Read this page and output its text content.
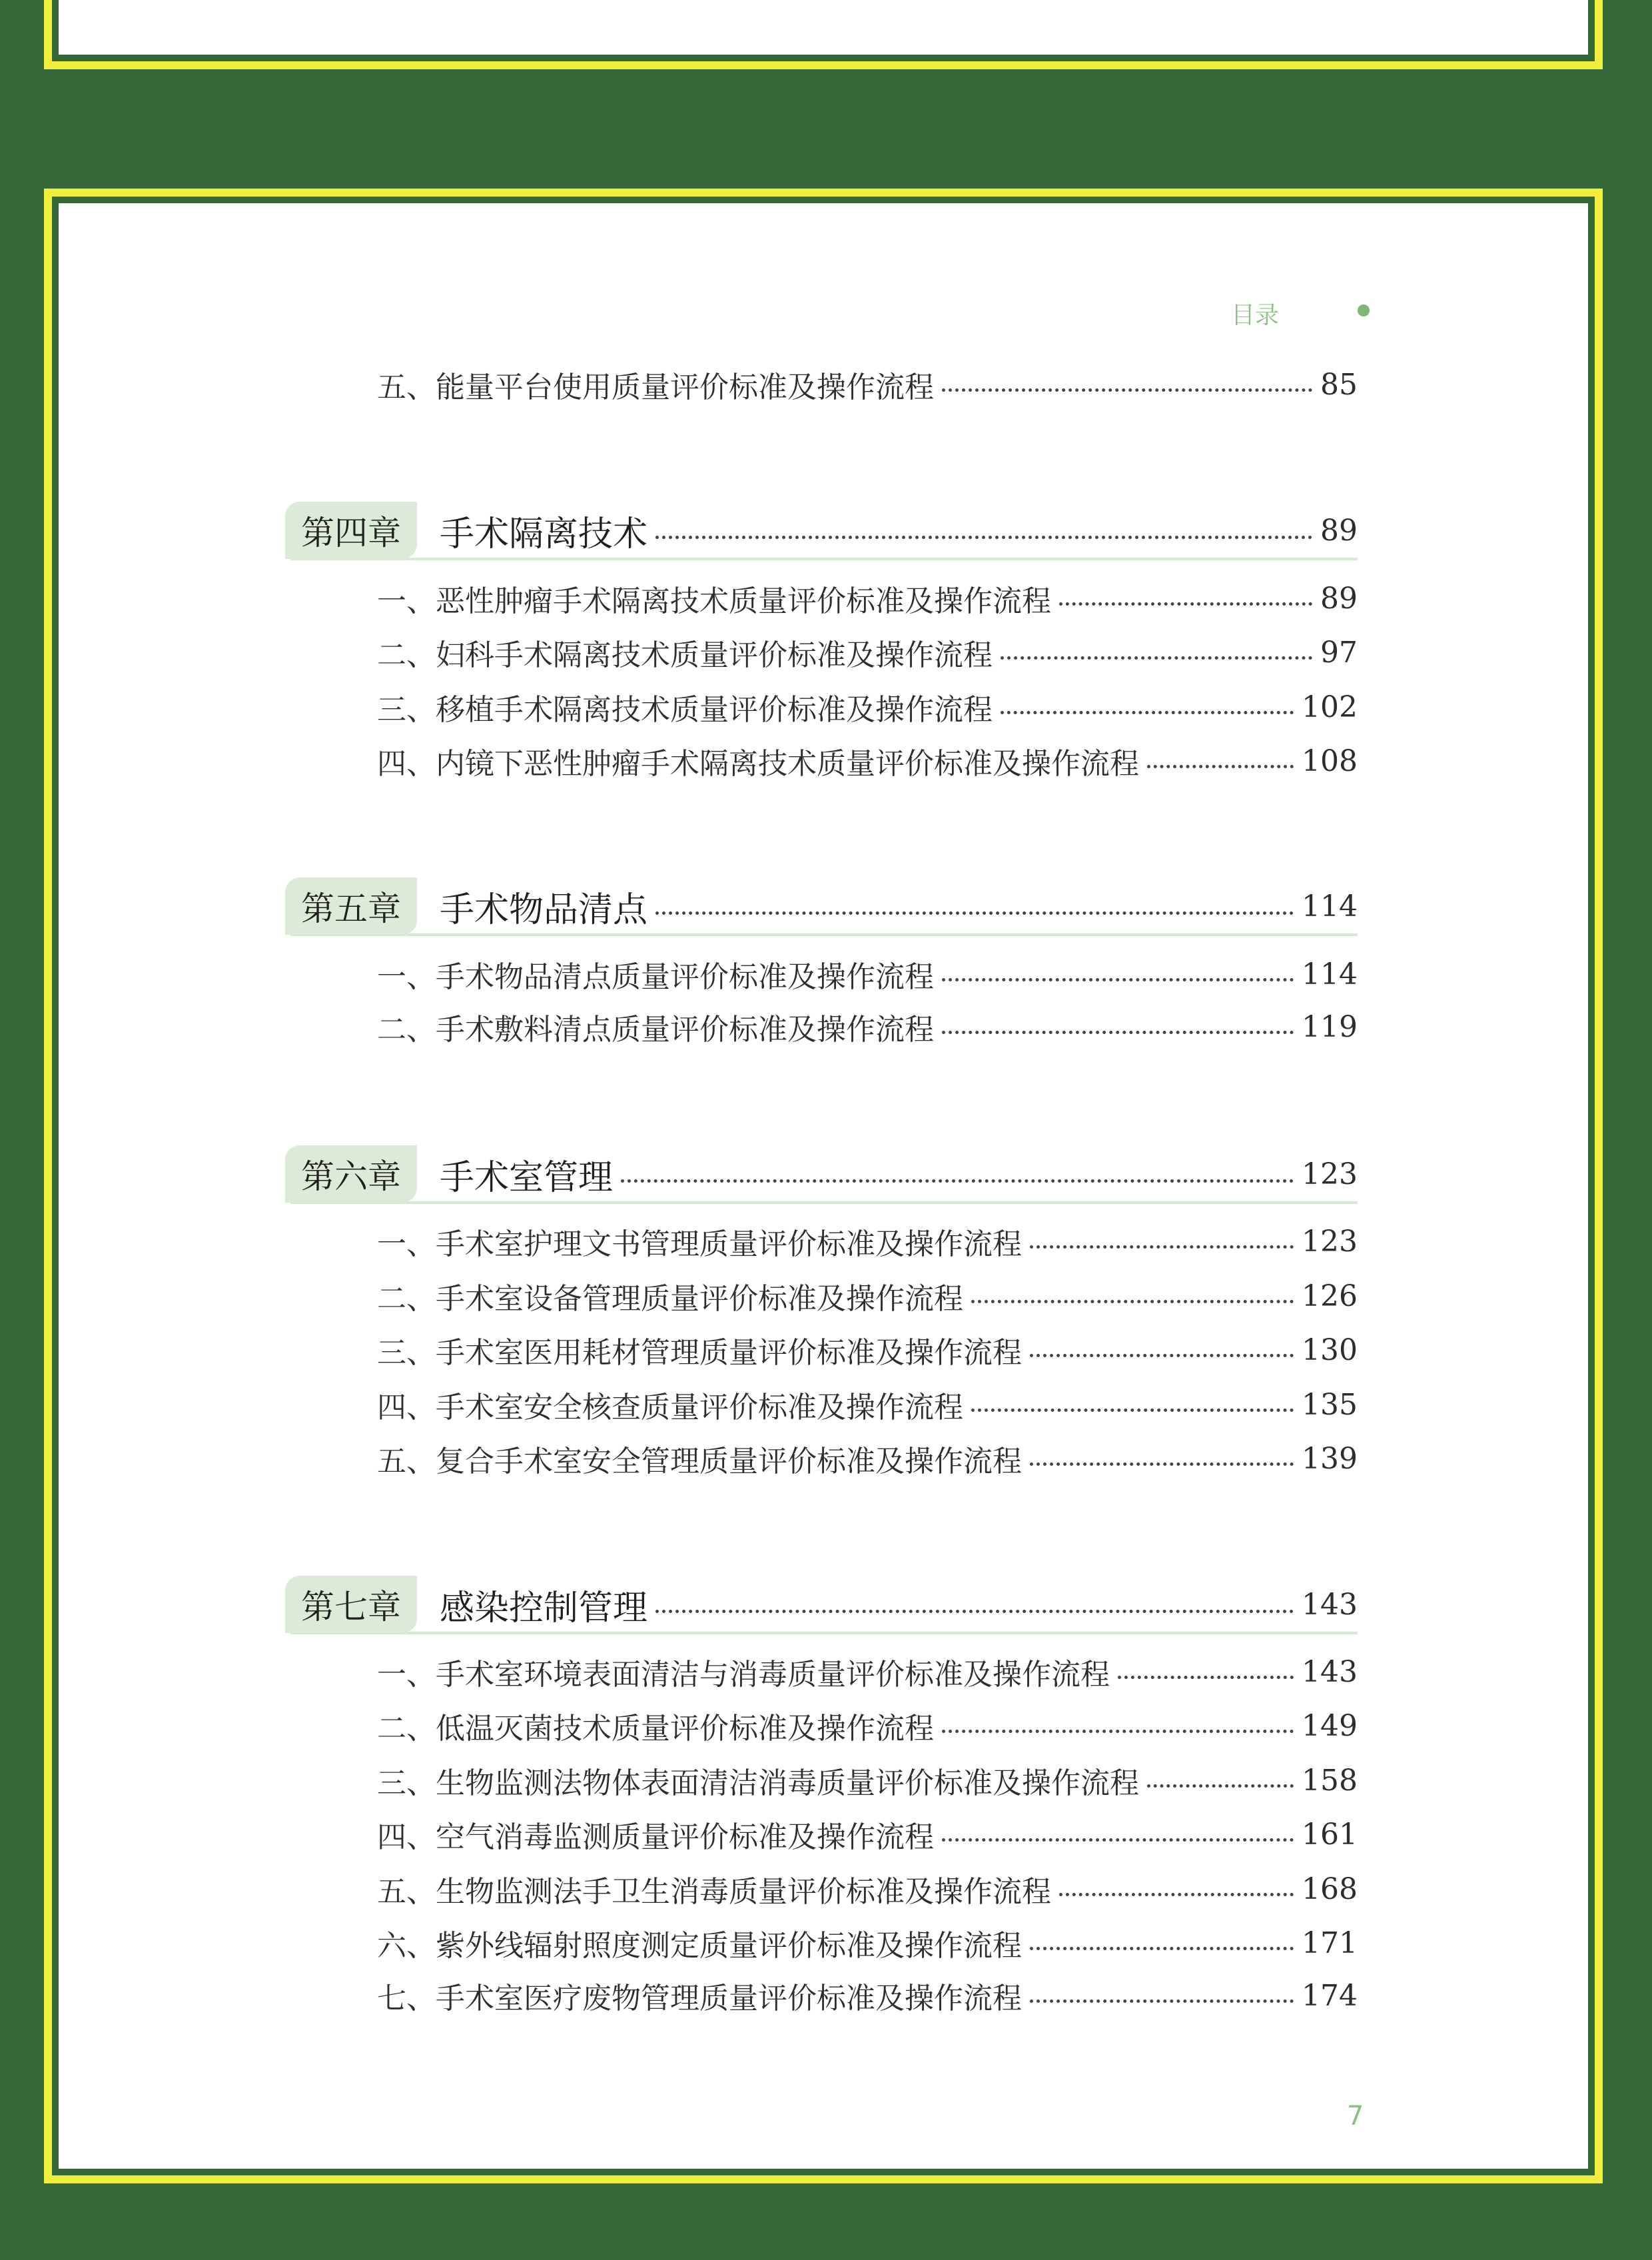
目录
五、能量平台使用质量评价标准及操作流程	85
第四章	手术隔离技术	89
一、恶性肿瘤手术隔离技术质量评价标准及操作流程	89
二、妇科手术隔离技术质量评价标准及操作流程	97
三、移植手术隔离技术质量评价标准及操作流程	102
四、内镜下恶性肿瘤手术隔离技术质量评价标准及操作流程	108
第五章	手术物品清点	114
一、手术物品清点质量评价标准及操作流程	114
二、手术敷料清点质量评价标准及操作流程	119
第六章	手术室管理	123
一、手术室护理文书管理质量评价标准及操作流程	123
二、手术室设备管理质量评价标准及操作流程	126
三、手术室医用耗材管理质量评价标准及操作流程	130
四、手术室安全核查质量评价标准及操作流程	135
五、复合手术室安全管理质量评价标准及操作流程	139
第七章	感染控制管理	143
一、手术室环境表面清洁与消毒质量评价标准及操作流程	143
二、低温灭菌技术质量评价标准及操作流程	149
三、生物监测法物体表面清洁消毒质量评价标准及操作流程	158
四、空气消毒监测质量评价标准及操作流程	161
五、生物监测法手卫生消毒质量评价标准及操作流程	168
六、紫外线辐射照度测定质量评价标准及操作流程	171
七、手术室医疗废物管理质量评价标准及操作流程	174
7
